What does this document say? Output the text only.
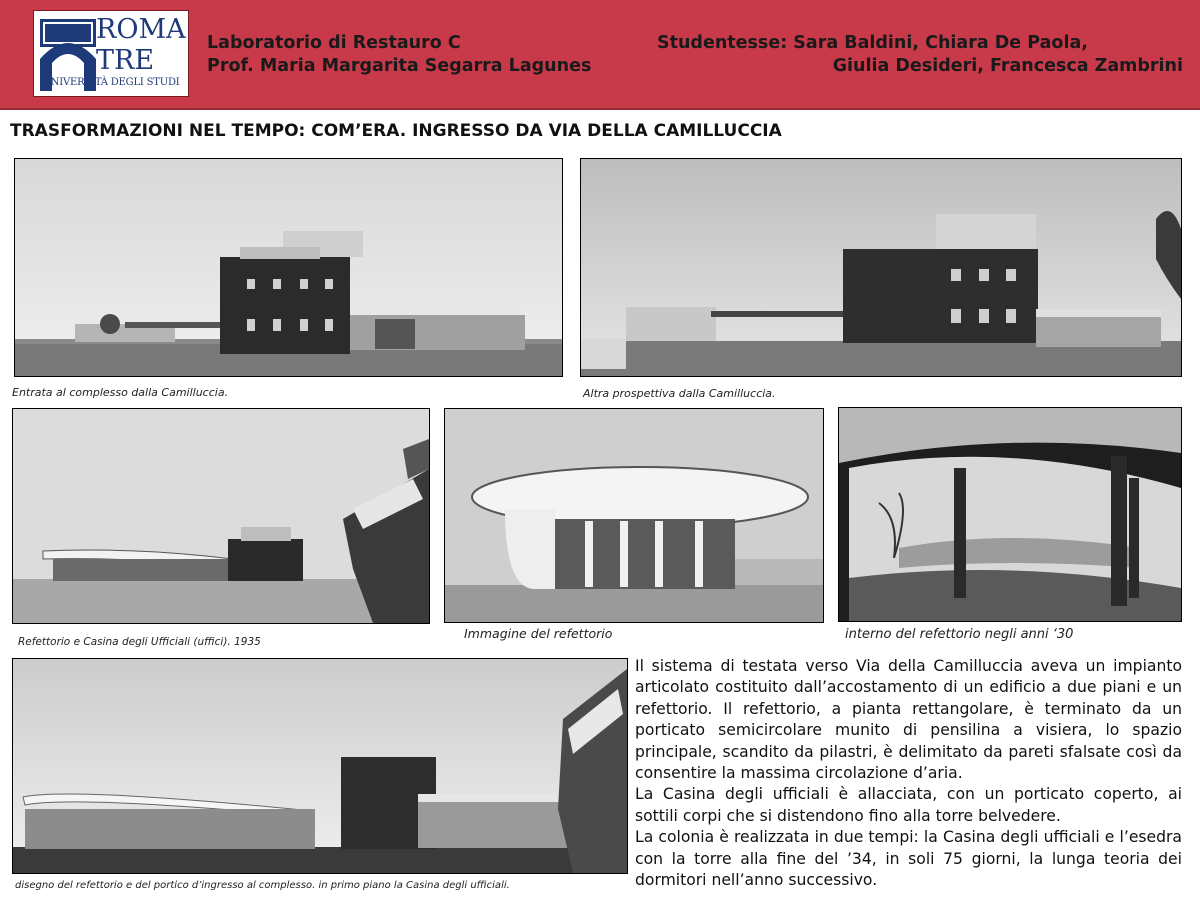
ROMA
TRE
UNIVERSITÀ DEGLI STUDI
Laboratorio di Restauro C
Prof. Maria Margarita Segarra Lagunes
Studentesse: Sara Baldini, Chiara De Paola,
Giulia Desideri, Francesca Zambrini
TRASFORMAZIONI NEL TEMPO: COM’ERA. INGRESSO DA VIA DELLA CAMILLUCCIA
Entrata al complesso dalla Camilluccia.	Altra prospettiva dalla Camilluccia.
Refettorio e Casina degli Ufficiali (uffici). 1935
Immagine del refettorio	interno del refettorio negli anni ‘30
disegno del refettorio e del portico d’ingresso al complesso. in primo piano la Casina degli ufficiali.

Il sistema di testata verso Via della Camilluccia aveva un impianto articolato costituito dall’accostamento di un edificio a due piani e un refettorio. Il refettorio, a pianta rettangolare, è terminato da un porticato semicircolare munito di pensilina a visiera, lo spazio principale, scandito da pilastri, è delimitato da pareti sfalsate così da consentire la massima circolazione d’aria.

La Casina degli ufficiali è allacciata, con un porticato coperto, ai sottili corpi che si distendono fino alla torre belvedere.

La colonia è realizzata in due tempi: la Casina degli ufficiali e l’esedra con la torre alla fine del ’34, in soli 75 giorni, la lunga teoria dei dormitori nell’anno successivo.
